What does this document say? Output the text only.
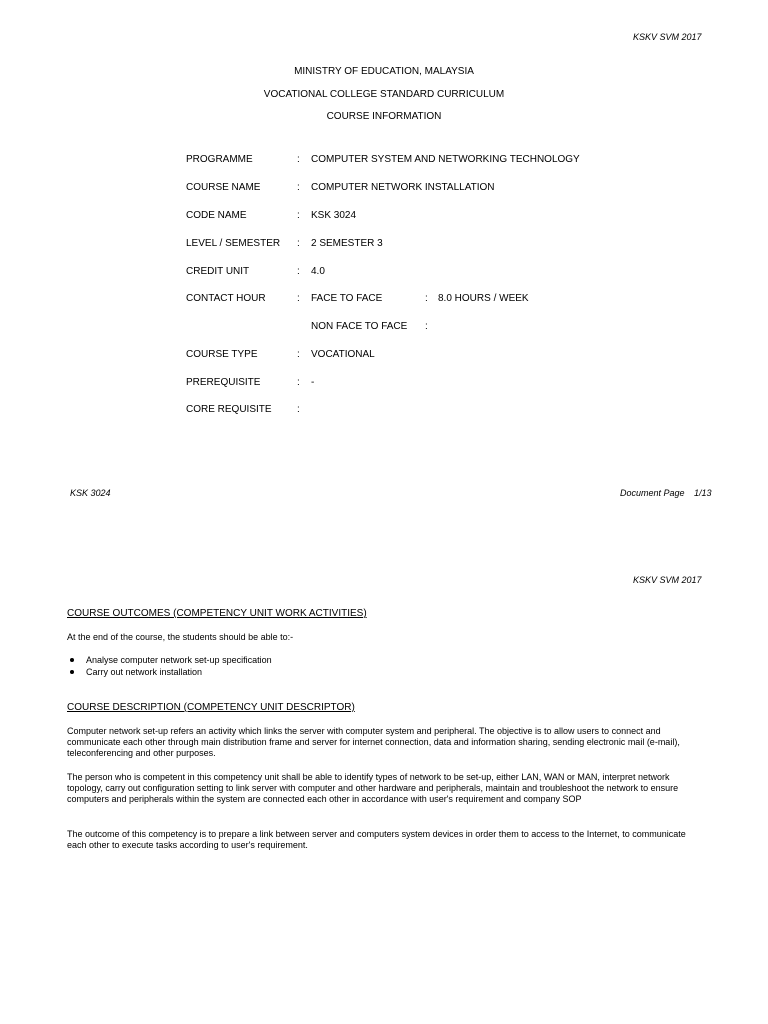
KSKV SVM 2017
MINISTRY OF EDUCATION, MALAYSIA
VOCATIONAL COLLEGE STANDARD CURRICULUM
COURSE INFORMATION
PROGRAMME	: COMPUTER SYSTEM AND NETWORKING TECHNOLOGY
COURSE NAME	: COMPUTER NETWORK INSTALLATION
CODE NAME	: KSK 3024
LEVEL / SEMESTER : 2 SEMESTER 3
CREDIT UNIT	: 4.0
CONTACT HOUR	: FACE TO FACE	: 8.0 HOURS / WEEK
NON FACE TO FACE :
COURSE TYPE	: VOCATIONAL
PREREQUISITE	: -
CORE REQUISITE	:
KSK 3024	Document Page 1/13
KSKV SVM 2017
COURSE OUTCOMES (COMPETENCY UNIT WORK ACTIVITIES)
At the end of the course, the students should be able to:-
Analyse computer network set-up specification
Carry out network installation
COURSE DESCRIPTION (COMPETENCY UNIT DESCRIPTOR)
Computer network set-up refers an activity which links the server with computer system and peripheral. The objective is to allow users to connect and communicate each other through main distribution frame and server for internet connection, data and information sharing, sending electronic mail (e-mail), teleconferencing and other purposes.
The person who is competent in this competency unit shall be able to identify types of network to be set-up, either LAN, WAN or MAN, interpret network topology, carry out configuration setting to link server with computer and other hardware and peripherals, maintain and troubleshoot the network to ensure computers and peripherals within the system are connected each other in accordance with user's requirement and company SOP
The outcome of this competency is to prepare a link between server and computers system devices in order them to access to the Internet, to communicate each other to execute tasks according to user's requirement.
